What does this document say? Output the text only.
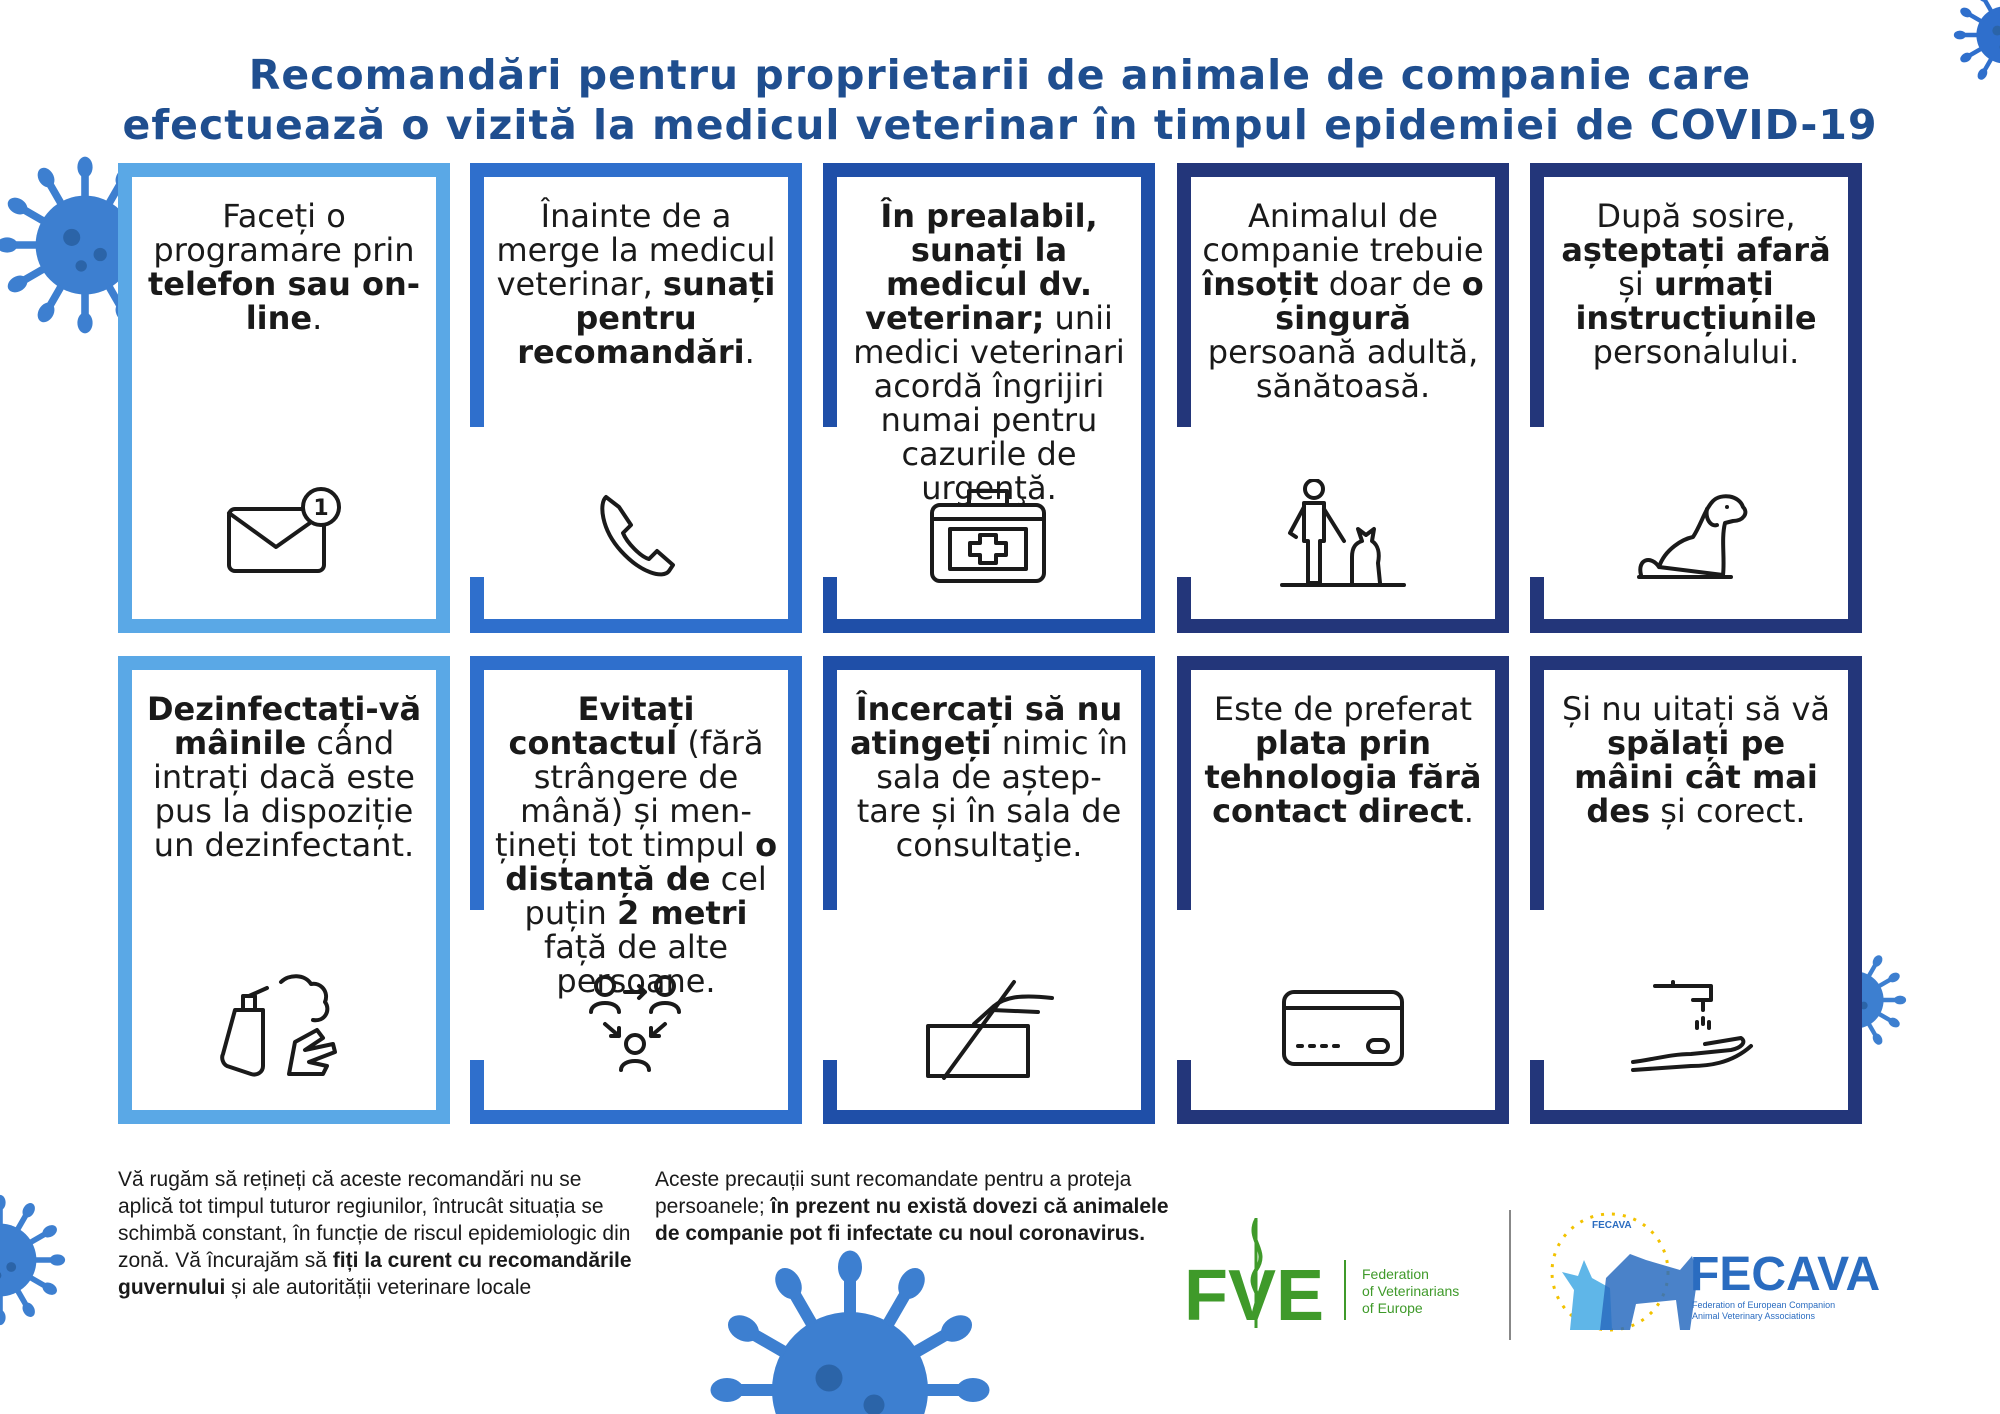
Recomandări pentru proprietarii de animale de companie care
efectuează o vizită la medicul veterinar în timpul epidemiei de COVID-19
Faceți o programare prin telefon sau on-line.
1
Înainte de a merge la medicul veterinar, sunați pentru recomandări.
În prealabil, sunați la medicul dv. veterinar; unii medici veterinari acordă îngrijiri numai pentru cazurile de urgenţă.
Animalul de companie trebuie însoțit doar de o singură persoană adultă, sănătoasă.
După sosire, așteptați afară și urmați instrucțiunile personalului.
Dezinfectați-vă mâinile când intrați dacă este pus la dispoziție un dezinfectant.
Evitați contactul (fără strângere de mână) și men-țineți tot timpul o distanță de cel puțin 2 metri față de alte persoane.
Încercați să nu atingeți nimic în sala de aștep-tare și în sala de consultaţie.
Este de preferat plata prin tehnologia fără contact direct.
Și nu uitați să vă spălați pe mâini cât mai des și corect.
Vă rugăm să rețineți că aceste recomandări nu se aplică tot timpul tuturor regiunilor, întrucât situația se schimbă constant, în funcție de riscul epidemiologic din zonă. Vă încurajăm să fiți la curent cu recomandările guvernului și ale autorității veterinare locale
Aceste precauții sunt recomandate pentru a proteja persoanele; în prezent nu există dovezi că animalele de companie pot fi infectate cu noul coronavirus.
FVE	Federation
of Veterinarians
of Europe
FECAVA
FECAVA
Federation of European Companion
Animal Veterinary Associations
